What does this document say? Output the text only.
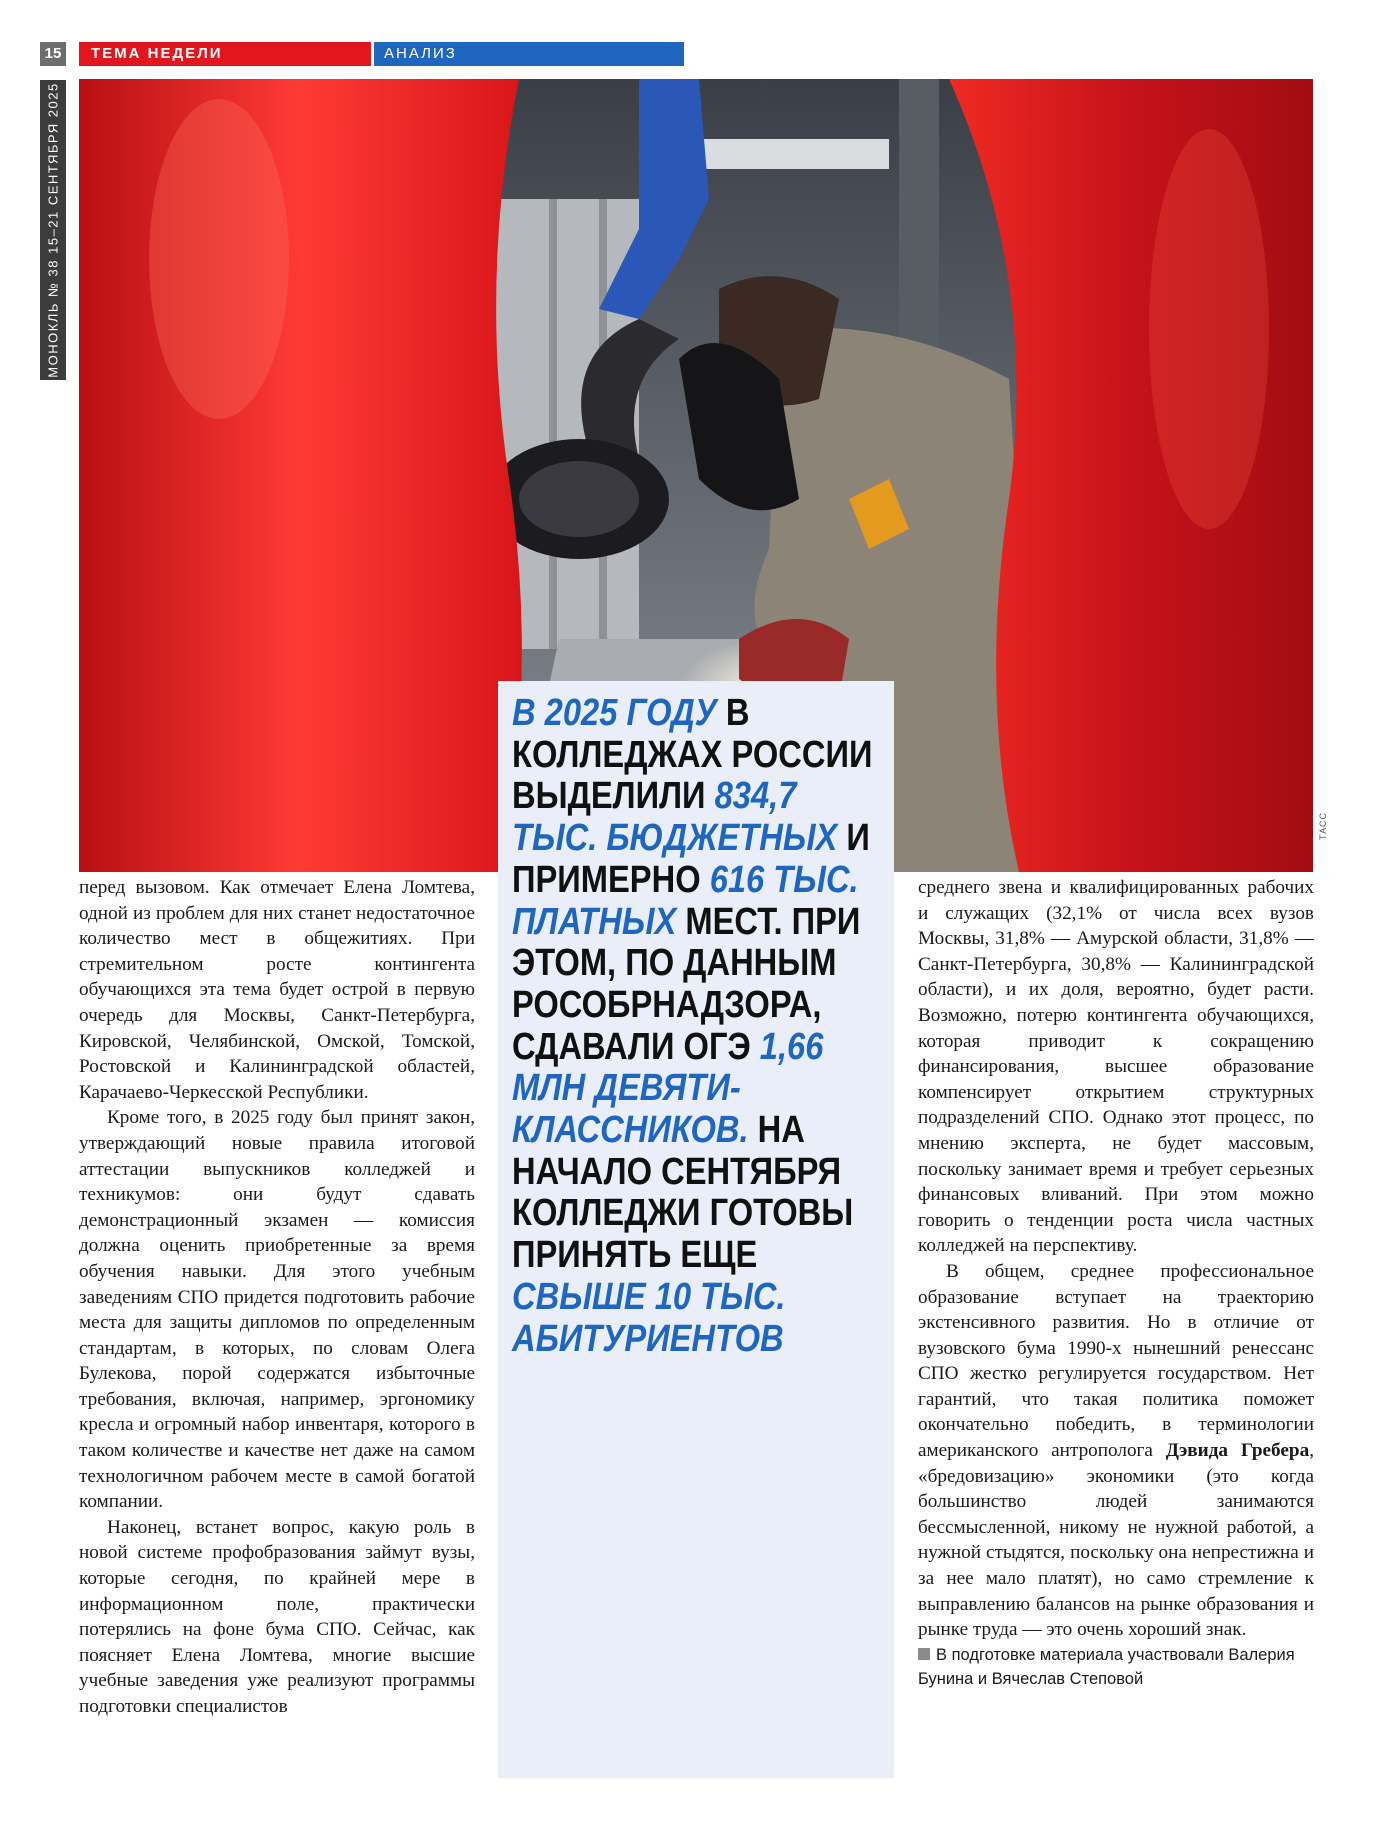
15	ТЕМА НЕДЕЛИ	АНАЛИЗ
МОНОКЛЬ № 38 15–21 СЕНТЯБРЯ 2025
ТАСС

перед вызовом. Как отмечает Елена Ломтева, одной из проблем для них станет недостаточное количество мест в общежитиях. При стремительном росте контингента обучающихся эта тема будет острой в первую очередь для Москвы, Санкт-Петербурга, Кировской, Челябинской, Омской, Томской, Ростовской и Калининградской областей, Карачаево-Черкесской Республики.

Кроме того, в 2025 году был принят закон, утверждающий новые правила итоговой аттестации выпускников колледжей и техникумов: они будут сдавать демонстрационный экзамен — комиссия должна оценить приобретенные за время обучения навыки. Для этого учебным заведениям СПО придется подготовить рабочие места для защиты дипломов по определенным стандартам, в которых, по словам Олега Булекова, порой содержатся избыточные требования, включая, например, эргономику кресла и огромный набор инвентаря, которого в таком количестве и качестве нет даже на самом технологичном рабочем месте в самой богатой компании.

Наконец, встанет вопрос, какую роль в новой системе профобразования займут вузы, которые сегодня, по крайней мере в информационном поле, практически потерялись на фоне бума СПО. Сейчас, как поясняет Елена Ломтева, многие высшие учебные заведения уже реализуют программы подготовки специалистов

В 2025 ГОДУ В КОЛЛЕДЖАХ РОССИИ ВЫДЕЛИЛИ 834,7 ТЫС. БЮДЖЕТНЫХ И ПРИМЕРНО 616 ТЫС. ПЛАТНЫХ МЕСТ. ПРИ ЭТОМ, ПО ДАННЫМ РОСОБРНАДЗОРА, СДАВАЛИ ОГЭ 1,66 МЛН ДЕВЯТИ-КЛАССНИКОВ. НА НАЧАЛО СЕНТЯБРЯ КОЛЛЕДЖИ ГОТОВЫ ПРИНЯТЬ ЕЩЕ СВЫШЕ 10 ТЫС. АБИТУРИЕНТОВ

среднего звена и квалифицированных рабочих и служащих (32,1% от числа всех вузов Москвы, 31,8% — Амурской области, 31,8% — Санкт-Петербурга, 30,8% — Калининградской области), и их доля, вероятно, будет расти. Возможно, потерю контингента обучающихся, которая приводит к сокращению финансирования, высшее образование компенсирует открытием структурных подразделений СПО. Однако этот процесс, по мнению эксперта, не будет массовым, поскольку занимает время и требует серьезных финансовых вливаний. При этом можно говорить о тенденции роста числа частных колледжей на перспективу.

В общем, среднее профессиональное образование вступает на траекторию экстенсивного развития. Но в отличие от вузовского бума 1990-х нынешний ренессанс СПО жестко регулируется государством. Нет гарантий, что такая политика поможет окончательно победить, в терминологии американского антрополога Дэвида Гребера, «бредовизацию» экономики (это когда большинство людей занимаются бессмысленной, никому не нужной работой, а нужной стыдятся, поскольку она непрестижна и за нее мало платят), но само стремление к выправлению балансов на рынке образования и рынке труда — это очень хороший знак.

В подготовке материала участвовали Валерия Бунина и Вячеслав Степовой
